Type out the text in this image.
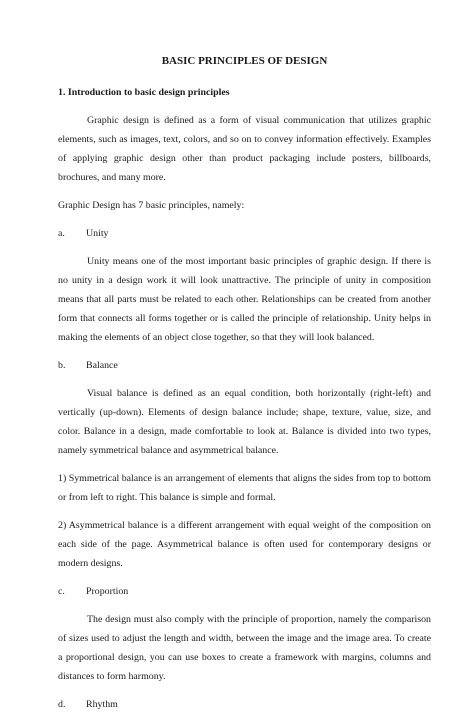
BASIC PRINCIPLES OF DESIGN
1. Introduction to basic design principles

Graphic design is defined as a form of visual communication that utilizes graphic elements, such as images, text, colors, and so on to convey information effectively. Examples of applying graphic design other than product packaging include posters, billboards, brochures, and many more.

Graphic Design has 7 basic principles, namely:

a.	Unity

Unity means one of the most important basic principles of graphic design. If there is no unity in a design work it will look unattractive. The principle of unity in composition means that all parts must be related to each other. Relationships can be created from another form that connects all forms together or is called the principle of relationship. Unity helps in making the elements of an object close together, so that they will look balanced.

b.	Balance

Visual balance is defined as an equal condition, both horizontally (right-left) and vertically (up-down). Elements of design balance include; shape, texture, value, size, and color. Balance in a design, made comfortable to look at. Balance is divided into two types, namely symmetrical balance and asymmetrical balance.

1) Symmetrical balance is an arrangement of elements that aligns the sides from top to bottom or from left to right. This balance is simple and formal.

2) Asymmetrical balance is a different arrangement with equal weight of the composition on each side of the page. Asymmetrical balance is often used for contemporary designs or modern designs.

c.	Proportion

The design must also comply with the principle of proportion, namely the comparison of sizes used to adjust the length and width, between the image and the image area. To create a proportional design, you can use boxes to create a framework with margins, columns and distances to form harmony.

d.	Rhythm
